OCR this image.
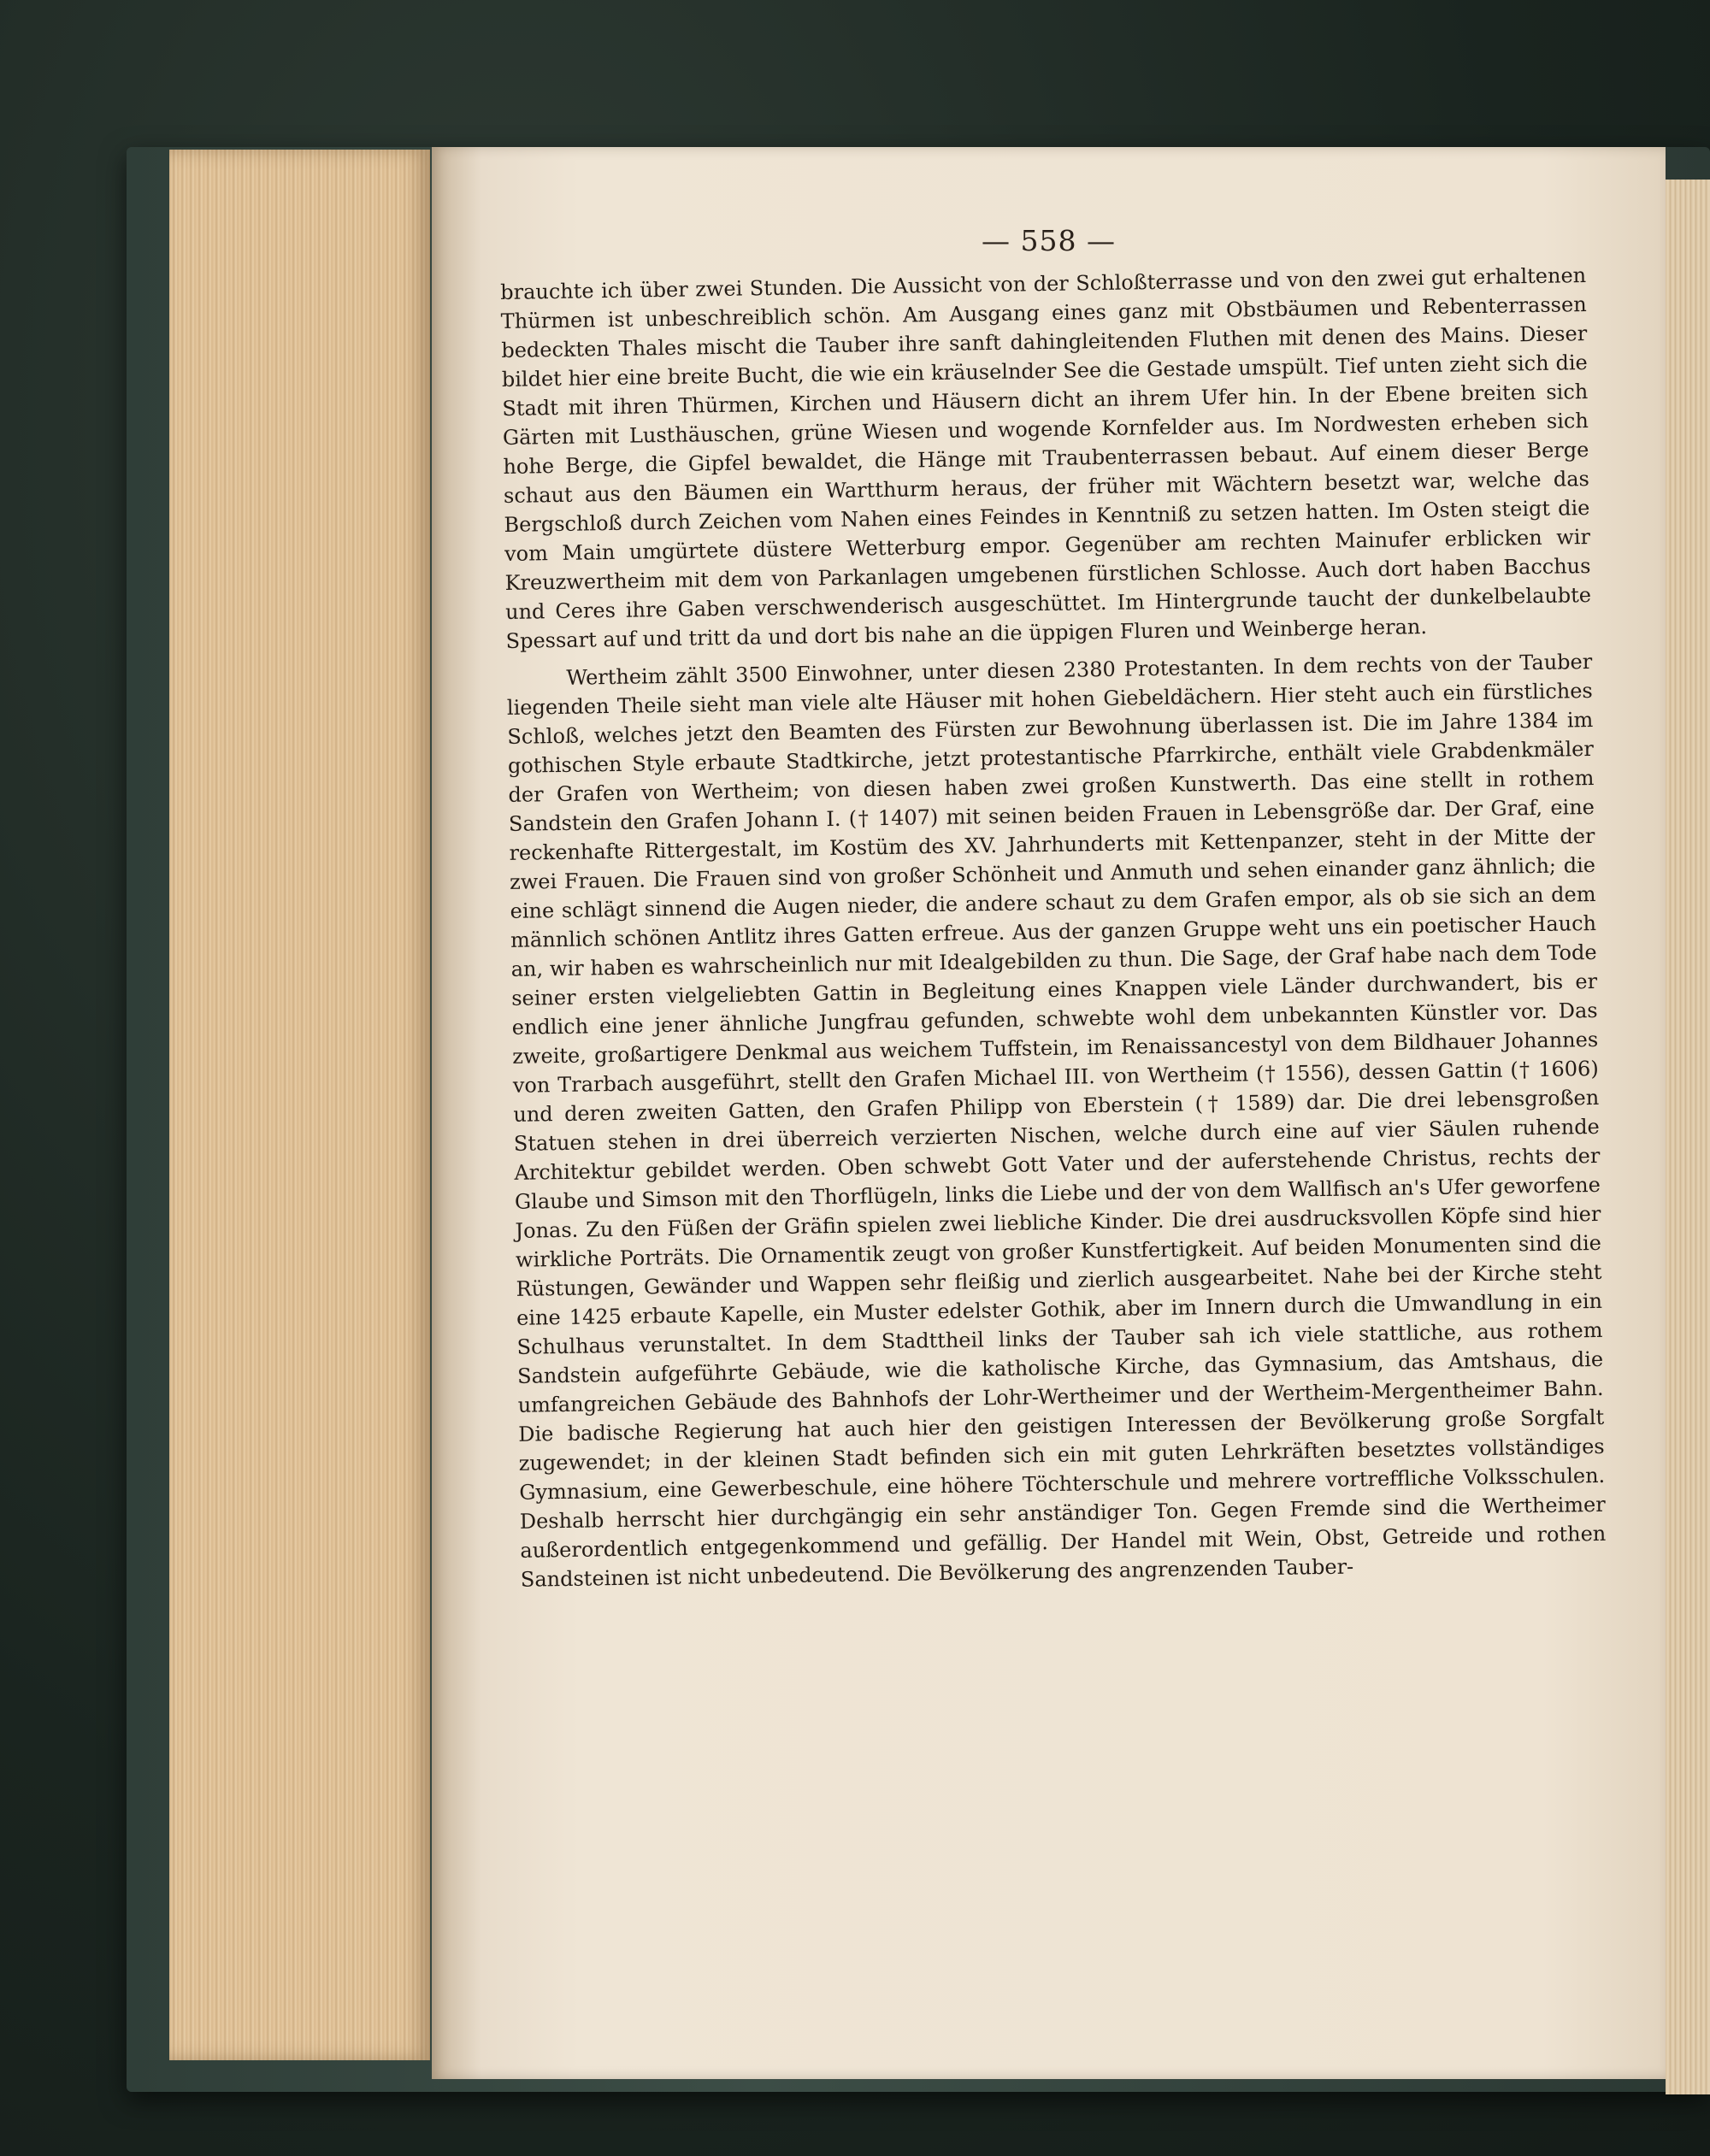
— 558 —

brauchte ich über zwei Stunden. Die Aussicht von der Schloßterrasse und von den zwei gut erhaltenen Thürmen ist unbeschreiblich schön. Am Ausgang eines ganz mit Obstbäumen und Rebenterrassen bedeckten Thales mischt die Tauber ihre sanft dahingleitenden Fluthen mit denen des Mains. Dieser bildet hier eine breite Bucht, die wie ein kräuselnder See die Gestade umspült. Tief unten zieht sich die Stadt mit ihren Thürmen, Kirchen und Häusern dicht an ihrem Ufer hin. In der Ebene breiten sich Gärten mit Lusthäuschen, grüne Wiesen und wogende Kornfelder aus. Im Nordwesten erheben sich hohe Berge, die Gipfel bewaldet, die Hänge mit Traubenterrassen bebaut. Auf einem dieser Berge schaut aus den Bäumen ein Wartthurm heraus, der früher mit Wächtern besetzt war, welche das Bergschloß durch Zeichen vom Nahen eines Feindes in Kenntniß zu setzen hatten. Im Osten steigt die vom Main umgürtete düstere Wetterburg empor. Gegenüber am rechten Mainufer erblicken wir Kreuzwertheim mit dem von Parkanlagen umgebenen fürstlichen Schlosse. Auch dort haben Bacchus und Ceres ihre Gaben verschwenderisch ausgeschüttet. Im Hintergrunde taucht der dunkelbelaubte Spessart auf und tritt da und dort bis nahe an die üppigen Fluren und Weinberge heran.

Wertheim zählt 3500 Einwohner, unter diesen 2380 Protestanten. In dem rechts von der Tauber liegenden Theile sieht man viele alte Häuser mit hohen Giebeldächern. Hier steht auch ein fürstliches Schloß, welches jetzt den Beamten des Fürsten zur Bewohnung überlassen ist. Die im Jahre 1384 im gothischen Style erbaute Stadtkirche, jetzt protestantische Pfarrkirche, enthält viele Grabdenkmäler der Grafen von Wertheim; von diesen haben zwei großen Kunstwerth. Das eine stellt in rothem Sandstein den Grafen Johann I. († 1407) mit seinen beiden Frauen in Lebensgröße dar. Der Graf, eine reckenhafte Rittergestalt, im Kostüm des XV. Jahrhunderts mit Kettenpanzer, steht in der Mitte der zwei Frauen. Die Frauen sind von großer Schönheit und Anmuth und sehen einander ganz ähnlich; die eine schlägt sinnend die Augen nieder, die andere schaut zu dem Grafen empor, als ob sie sich an dem männlich schönen Antlitz ihres Gatten erfreue. Aus der ganzen Gruppe weht uns ein poetischer Hauch an, wir haben es wahrscheinlich nur mit Idealgebilden zu thun. Die Sage, der Graf habe nach dem Tode seiner ersten vielgeliebten Gattin in Begleitung eines Knappen viele Länder durchwandert, bis er endlich eine jener ähnliche Jungfrau gefunden, schwebte wohl dem unbekannten Künstler vor. Das zweite, großartigere Denkmal aus weichem Tuffstein, im Renaissancestyl von dem Bildhauer Johannes von Trarbach ausgeführt, stellt den Grafen Michael III. von Wertheim († 1556), dessen Gattin († 1606) und deren zweiten Gatten, den Grafen Philipp von Eberstein († 1589) dar. Die drei lebensgroßen Statuen stehen in drei überreich verzierten Nischen, welche durch eine auf vier Säulen ruhende Architektur gebildet werden. Oben schwebt Gott Vater und der auferstehende Christus, rechts der Glaube und Simson mit den Thorflügeln, links die Liebe und der von dem Wallfisch an's Ufer geworfene Jonas. Zu den Füßen der Gräfin spielen zwei liebliche Kinder. Die drei ausdrucksvollen Köpfe sind hier wirkliche Porträts. Die Ornamentik zeugt von großer Kunstfertigkeit. Auf beiden Monumenten sind die Rüstungen, Gewänder und Wappen sehr fleißig und zierlich ausgearbeitet. Nahe bei der Kirche steht eine 1425 erbaute Kapelle, ein Muster edelster Gothik, aber im Innern durch die Umwandlung in ein Schulhaus verunstaltet. In dem Stadttheil links der Tauber sah ich viele stattliche, aus rothem Sandstein aufgeführte Gebäude, wie die katholische Kirche, das Gymnasium, das Amtshaus, die umfangreichen Gebäude des Bahnhofs der Lohr-Wertheimer und der Wertheim-Mergentheimer Bahn. Die badische Regierung hat auch hier den geistigen Interessen der Bevölkerung große Sorgfalt zugewendet; in der kleinen Stadt befinden sich ein mit guten Lehrkräften besetztes vollständiges Gymnasium, eine Gewerbeschule, eine höhere Töchterschule und mehrere vortreffliche Volksschulen. Deshalb herrscht hier durchgängig ein sehr anständiger Ton. Gegen Fremde sind die Wertheimer außerordentlich entgegenkommend und gefällig. Der Handel mit Wein, Obst, Getreide und rothen Sandsteinen ist nicht unbedeutend. Die Bevölkerung des angrenzenden Tauber-
